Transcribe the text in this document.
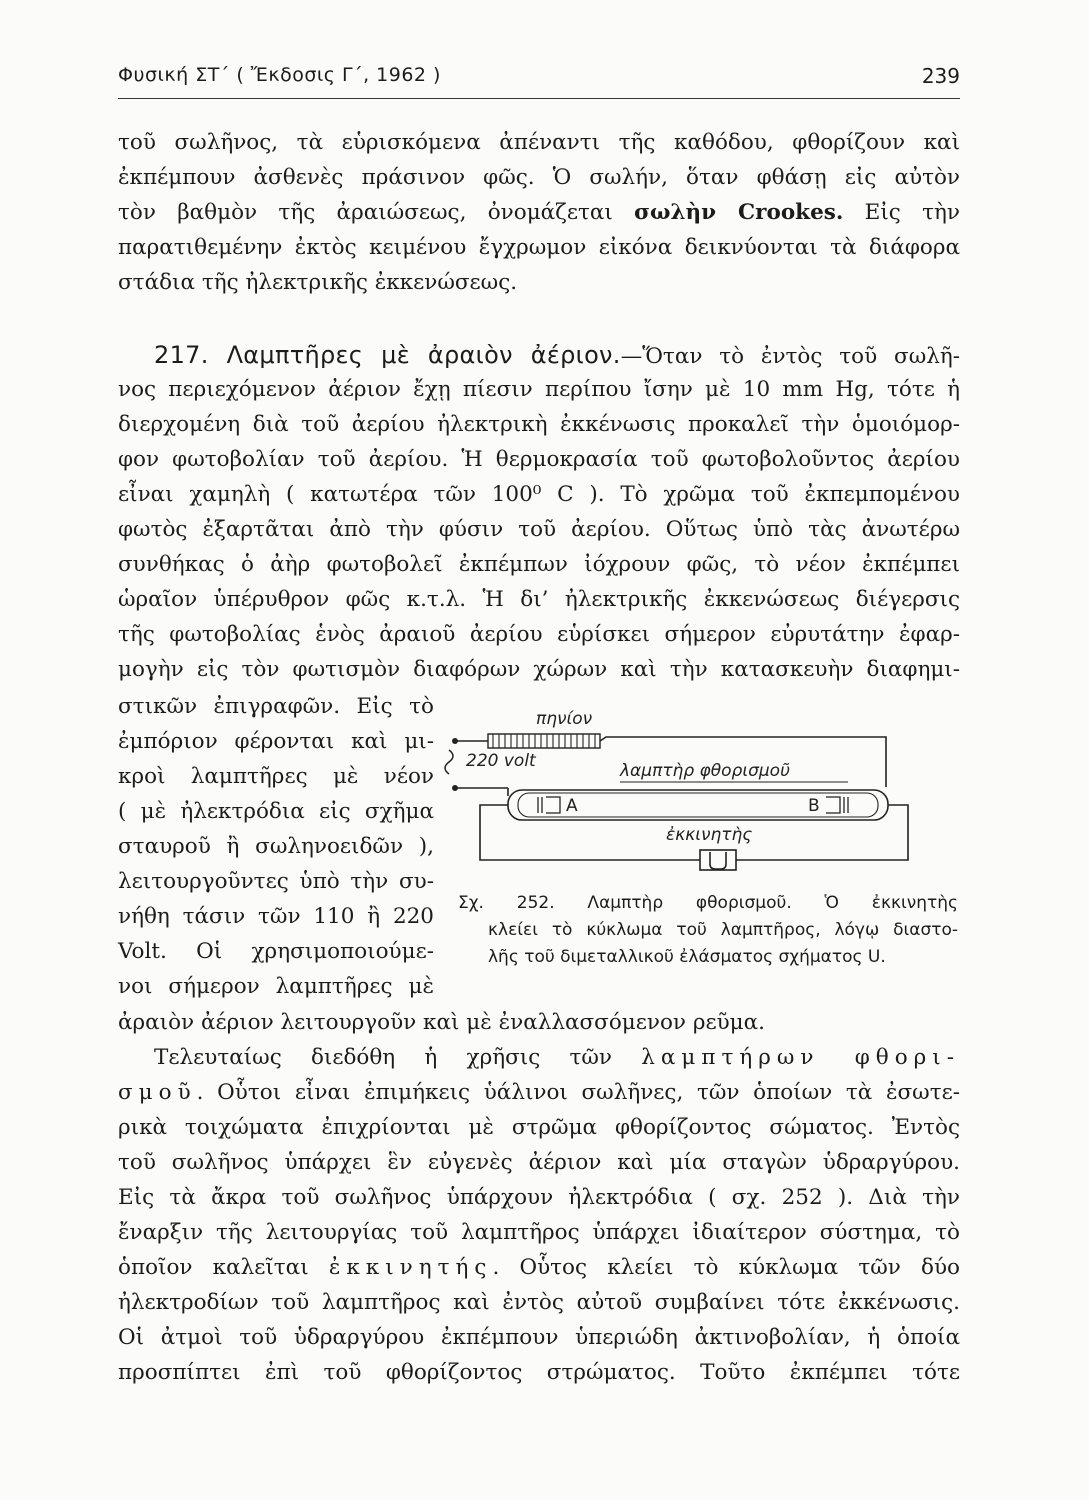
Φυσική ΣΤ΄ ( Ἔκδοσις Γ΄, 1962 )	239
τοῦ σωλῆνος, τὰ εὑρισκόμενα ἀπέναντι τῆς καθόδου, φθορίζουν καὶ
ἐκπέμπουν ἀσθενὲς πράσινον φῶς. Ὁ σωλήν, ὅταν φθάσῃ εἰς αὐτὸν
τὸν βαθμὸν τῆς ἀραιώσεως, ὀνομάζεται σωλὴν Crookes. Εἰς τὴν
παρατιθεμένην ἐκτὸς κειμένου ἔγχρωμον εἰκόνα δεικνύονται τὰ διάφορα
στάδια τῆς ἠλεκτρικῆς ἐκκενώσεως.
217. Λαμπτῆρες μὲ ἀραιὸν ἀέριον.—Ὅταν τὸ ἐντὸς τοῦ σωλῆ-
νος περιεχόμενον ἀέριον ἔχῃ πίεσιν περίπου ἴσην μὲ 10 mm Hg, τότε ἡ
διερχομένη διὰ τοῦ ἀερίου ἠλεκτρικὴ ἐκκένωσις προκαλεῖ τὴν ὁμοιόμορ-
φον φωτοβολίαν τοῦ ἀερίου. Ἡ θερμοκρασία τοῦ φωτοβολοῦντος ἀερίου
εἶναι χαμηλὴ ( κατωτέρα τῶν 100⁰ C ). Τὸ χρῶμα τοῦ ἐκπεμπομένου
φωτὸς ἐξαρτᾶται ἀπὸ τὴν φύσιν τοῦ ἀερίου. Οὕτως ὑπὸ τὰς ἀνωτέρω
συνθήκας ὁ ἀὴρ φωτοβολεῖ ἐκπέμπων ἰόχρουν φῶς, τὸ νέον ἐκπέμπει
ὡραῖον ὑπέρυθρον φῶς κ.τ.λ. Ἡ δι’ ἠλεκτρικῆς ἐκκενώσεως διέγερσις
τῆς φωτοβολίας ἑνὸς ἀραιοῦ ἀερίου εὑρίσκει σήμερον εὐρυτάτην ἐφαρ-
μογὴν εἰς τὸν φωτισμὸν διαφόρων χώρων καὶ τὴν κατασκευὴν διαφημι-
στικῶν ἐπιγραφῶν. Εἰς τὸ
ἐμπόριον φέρονται καὶ μι-
κροὶ λαμπτῆρες μὲ νέον
( μὲ ἠλεκτρόδια εἰς σχῆμα
σταυροῦ ἢ σωληνοειδῶν ),
λειτουργοῦντες ὑπὸ τὴν συ-
νήθη τάσιν τῶν 110 ἢ 220
Volt. Οἱ χρησιμοποιούμε-
νοι σήμερον λαμπτῆρες μὲ
ἀραιὸν ἀέριον λειτουργοῦν καὶ μὲ ἐναλλασσόμενον ρεῦμα.
πηνίον
220 volt	λαμπτὴρ φθορισμοῦ
Α	Β
ἐκκινητὴς
Σχ. 252. Λαμπτὴρ φθορισμοῦ. Ὁ ἐκκινητὴς
κλείει τὸ κύκλωμα τοῦ λαμπτῆρος, λόγῳ διαστο-
λῆς τοῦ διμεταλλικοῦ ἐλάσματος σχήματος U.
Τελευταίως διεδόθη ἡ χρῆσις τῶν λαμπτήρων φθορι-
σμοῦ. Οὗτοι εἶναι ἐπιμήκεις ὑάλινοι σωλῆνες, τῶν ὁποίων τὰ ἐσωτε-
ρικὰ τοιχώματα ἐπιχρίονται μὲ στρῶμα φθορίζοντος σώματος. Ἐντὸς
τοῦ σωλῆνος ὑπάρχει ἓν εὐγενὲς ἀέριον καὶ μία σταγὼν ὑδραργύρου.
Εἰς τὰ ἄκρα τοῦ σωλῆνος ὑπάρχουν ἠλεκτρόδια ( σχ. 252 ). Διὰ τὴν
ἔναρξιν τῆς λειτουργίας τοῦ λαμπτῆρος ὑπάρχει ἰδιαίτερον σύστημα, τὸ
ὁποῖον καλεῖται ἐκκινητής. Οὗτος κλείει τὸ κύκλωμα τῶν δύο
ἠλεκτροδίων τοῦ λαμπτῆρος καὶ ἐντὸς αὐτοῦ συμβαίνει τότε ἐκκένωσις.
Οἱ ἀτμοὶ τοῦ ὑδραργύρου ἐκπέμπουν ὑπεριώδη ἀκτινοβολίαν, ἡ ὁποία
προσπίπτει ἐπὶ τοῦ φθορίζοντος στρώματος. Τοῦτο ἐκπέμπει τότε
